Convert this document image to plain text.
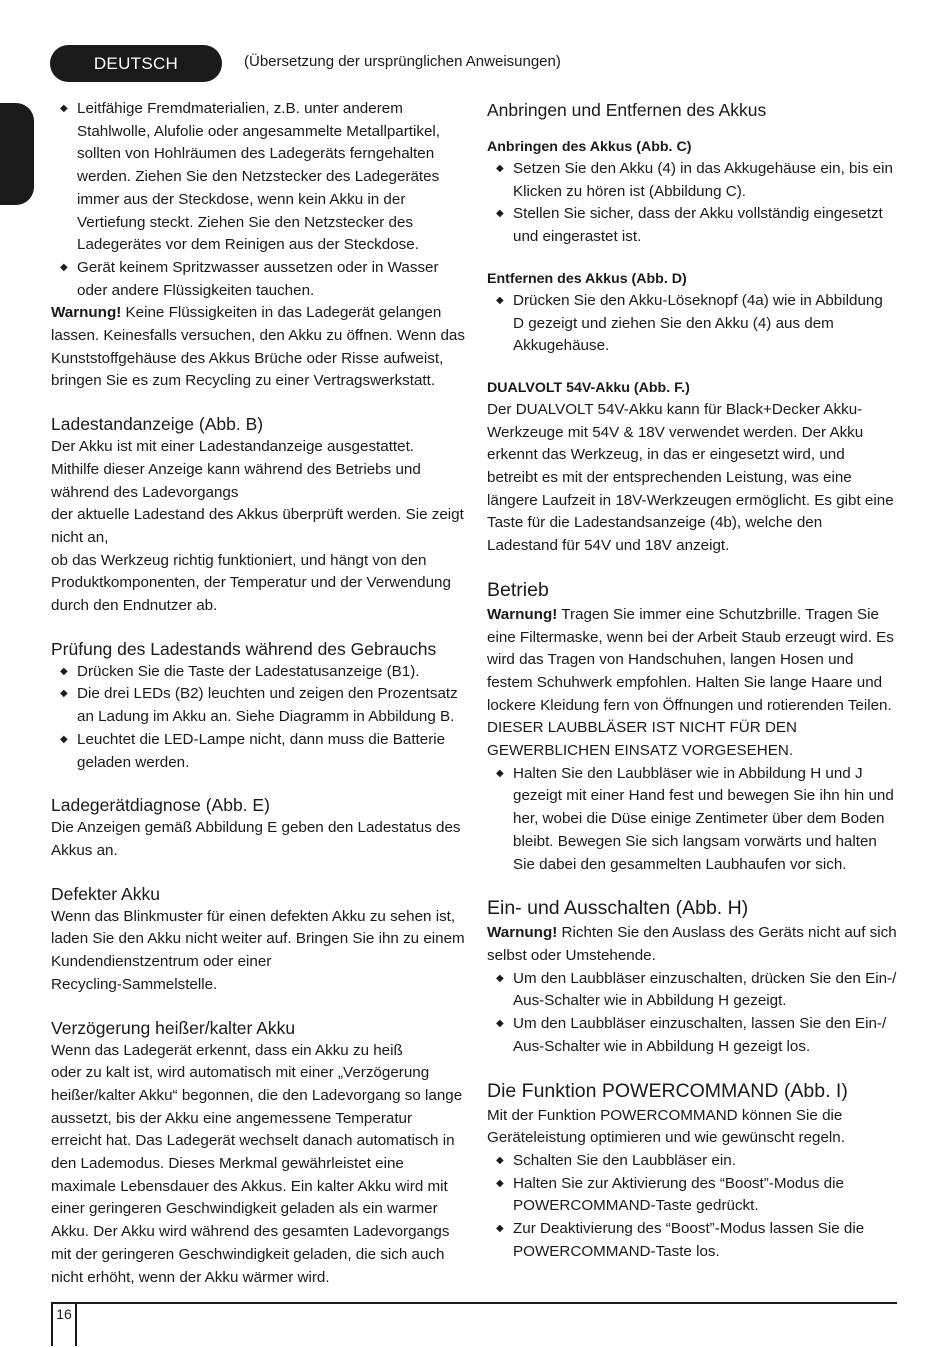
DEUTSCH	(Übersetzung der ursprünglichen Anweisungen)
◆ Leitfähige Fremdmaterialien, z.B. unter anderem Stahlwolle, Alufolie oder angesammelte Metallpartikel, sollten von Hohlräumen des Ladegeräts ferngehalten werden. Ziehen Sie den Netzstecker des Ladegerätes immer aus der Steckdose, wenn kein Akku in der Vertiefung steckt. Ziehen Sie den Netzstecker des Ladegerätes vor dem Reinigen aus der Steckdose.
◆ Gerät keinem Spritzwasser aussetzen oder in Wasser oder andere Flüssigkeiten tauchen.

Warnung! Keine Flüssigkeiten in das Ladegerät gelangen lassen. Keinesfalls versuchen, den Akku zu öffnen. Wenn das Kunststoffgehäuse des Akkus Brüche oder Risse aufweist, bringen Sie es zum Recycling zu einer Vertragswerkstatt.

Ladestandanzeige (Abb. B)

Der Akku ist mit einer Ladestandanzeige ausgestattet.

Mithilfe dieser Anzeige kann während des Betriebs und während des Ladevorgangs

der aktuelle Ladestand des Akkus überprüft werden. Sie zeigt nicht an,

ob das Werkzeug richtig funktioniert, und hängt von den Produktkomponenten, der Temperatur und der Verwendung durch den Endnutzer ab.

Prüfung des Ladestands während des Gebrauchs
◆ Drücken Sie die Taste der Ladestatusanzeige (B1).
◆ Die drei LEDs (B2) leuchten und zeigen den Prozentsatz an Ladung im Akku an. Siehe Diagramm in Abbildung B.
◆ Leuchtet die LED-Lampe nicht, dann muss die Batterie geladen werden.
Ladegerätdiagnose (Abb. E)

Die Anzeigen gemäß Abbildung E geben den Ladestatus des Akkus an.

Defekter Akku

Wenn das Blinkmuster für einen defekten Akku zu sehen ist, laden Sie den Akku nicht weiter auf. Bringen Sie ihn zu einem Kundendienstzentrum oder einer

Recycling-Sammelstelle.

Verzögerung heißer/kalter Akku

Wenn das Ladegerät erkennt, dass ein Akku zu heiß

oder zu kalt ist, wird automatisch mit einer „Verzögerung heißer/kalter Akku“ begonnen, die den Ladevorgang so lange aussetzt, bis der Akku eine angemessene Temperatur erreicht hat. Das Ladegerät wechselt danach automatisch in den Lademodus. Dieses Merkmal gewährleistet eine maximale Lebensdauer des Akkus. Ein kalter Akku wird mit einer geringeren Geschwindigkeit geladen als ein warmer Akku. Der Akku wird während des gesamten Ladevorgangs mit der geringeren Geschwindigkeit geladen, die sich auch nicht erhöht, wenn der Akku wärmer wird.

Anbringen und Entfernen des Akkus
Anbringen des Akkus (Abb. C)
◆ Setzen Sie den Akku (4) in das Akkugehäuse ein, bis ein Klicken zu hören ist (Abbildung C).
◆ Stellen Sie sicher, dass der Akku vollständig eingesetzt und eingerastet ist.
Entfernen des Akkus (Abb. D)
◆ Drücken Sie den Akku-Löseknopf (4a) wie in Abbildung D gezeigt und ziehen Sie den Akku (4) aus dem Akkugehäuse.
DUALVOLT 54V-Akku (Abb. F.)

Der DUALVOLT 54V-Akku kann für Black+Decker Akku-Werkzeuge mit 54V & 18V verwendet werden. Der Akku erkennt das Werkzeug, in das er eingesetzt wird, und betreibt es mit der entsprechenden Leistung, was eine längere Laufzeit in 18V-Werkzeugen ermöglicht. Es gibt eine Taste für die Ladestandsanzeige (4b), welche den Ladestand für 54V und 18V anzeigt.

Betrieb

Warnung! Tragen Sie immer eine Schutzbrille. Tragen Sie eine Filtermaske, wenn bei der Arbeit Staub erzeugt wird. Es wird das Tragen von Handschuhen, langen Hosen und festem Schuhwerk empfohlen. Halten Sie lange Haare und lockere Kleidung fern von Öffnungen und rotierenden Teilen. DIESER LAUBBLÄSER IST NICHT FÜR DEN GEWERBLICHEN EINSATZ VORGESEHEN.

◆ Halten Sie den Laubbläser wie in Abbildung H und J gezeigt mit einer Hand fest und bewegen Sie ihn hin und her, wobei die Düse einige Zentimeter über dem Boden bleibt. Bewegen Sie sich langsam vorwärts und halten Sie dabei den gesammelten Laubhaufen vor sich.
Ein- und Ausschalten (Abb. H)

Warnung! Richten Sie den Auslass des Geräts nicht auf sich selbst oder Umstehende.

◆ Um den Laubbläser einzuschalten, drücken Sie den Ein-/ Aus-Schalter wie in Abbildung H gezeigt.
◆ Um den Laubbläser einzuschalten, lassen Sie den Ein-/ Aus-Schalter wie in Abbildung H gezeigt los.
Die Funktion POWERCOMMAND (Abb. I)

Mit der Funktion POWERCOMMAND können Sie die Geräteleistung optimieren und wie gewünscht regeln.

◆ Schalten Sie den Laubbläser ein.
◆ Halten Sie zur Aktivierung des “Boost”-Modus die POWERCOMMAND-Taste gedrückt.
◆ Zur Deaktivierung des “Boost”-Modus lassen Sie die POWERCOMMAND-Taste los.
16
